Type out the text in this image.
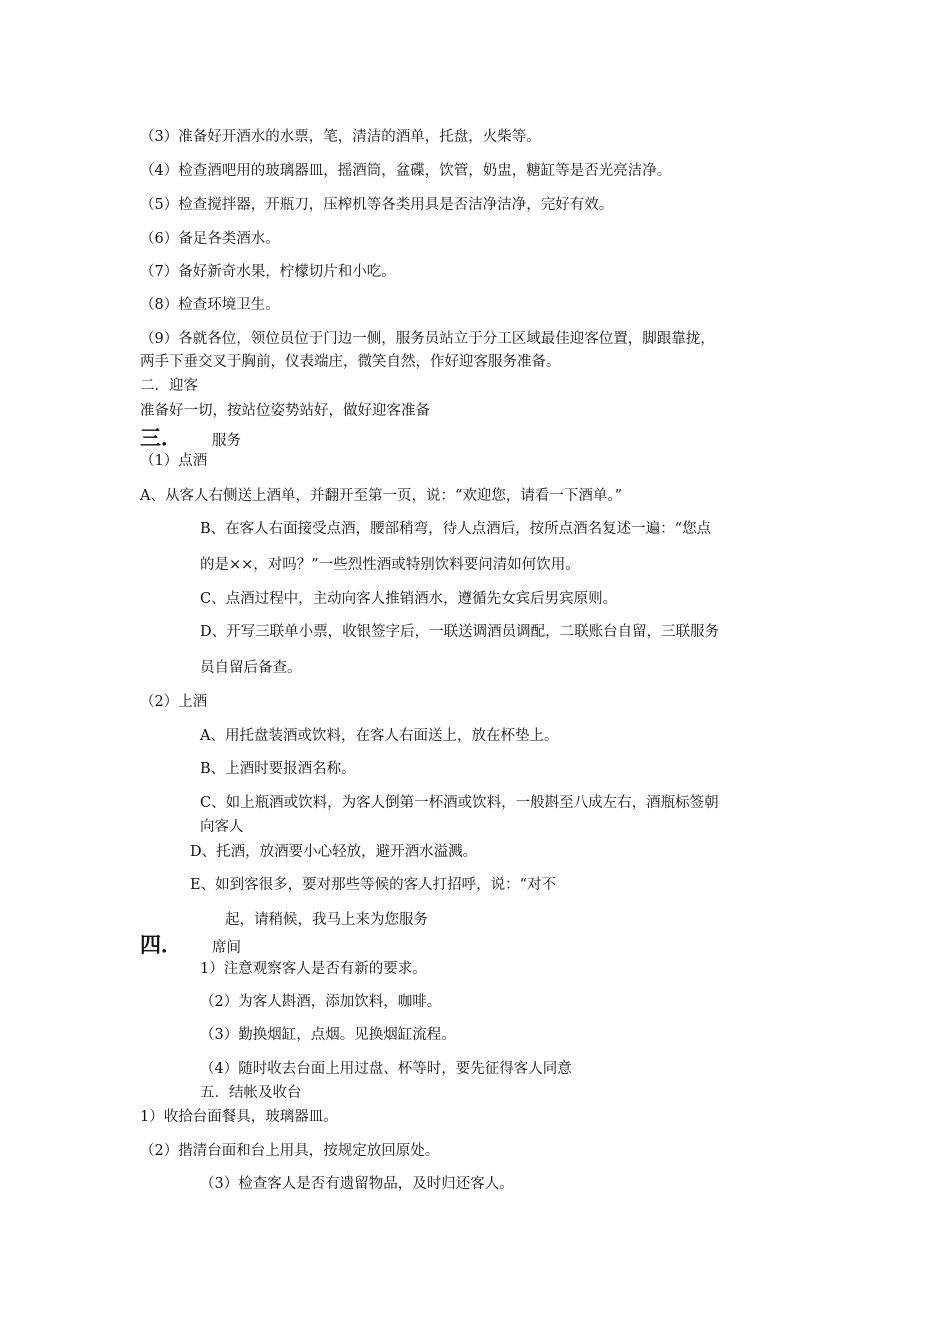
（3）准备好开酒水的水票，笔，清洁的酒单，托盘，火柴等。
（4）检查酒吧用的玻璃器皿，摇酒筒，盆碟，饮管，奶盅，糖缸等是否光亮洁净。
（5）检查搅拌器，开瓶刀，压榨机等各类用具是否洁净洁净，完好有效。
（6）备足各类酒水。
（7）备好新奇水果，柠檬切片和小吃。
（8）检查环境卫生。
（9）各就各位，领位员位于门边一侧，服务员站立于分工区域最佳迎客位置，脚跟靠拢，
两手下垂交叉于胸前，仪表端庄，微笑自然，作好迎客服务准备。
二．迎客
准备好一切，按站位姿势站好，做好迎客准备
三． 服务
（1）点酒
A、从客人右侧送上酒单，并翻开至第一页，说：“欢迎您，请看一下酒单。”
B、在客人右面接受点酒，腰部稍弯，待人点酒后，按所点酒名复述一遍：“您点
的是××，对吗？”一些烈性酒或特别饮料要问清如何饮用。
C、点酒过程中，主动向客人推销酒水，遵循先女宾后男宾原则。
D、开写三联单小票，收银签字后，一联送调酒员调配，二联账台自留，三联服务
员自留后备查。
（2）上酒
A、用托盘装酒或饮料，在客人右面送上，放在杯垫上。
B、上酒时要报酒名称。
C、如上瓶酒或饮料，为客人倒第一杯酒或饮料，一般斟至八成左右，酒瓶标签朝
向客人
D、托酒，放酒要小心轻放，避开酒水溢溅。
E、如到客很多，要对那些等候的客人打招呼，说：“对不
起，请稍候，我马上来为您服务
四． 席间
1）注意观察客人是否有新的要求。
（2）为客人斟酒，添加饮料，咖啡。
（3）勤换烟缸，点烟。见换烟缸流程。
（4）随时收去台面上用过盘、杯等时，要先征得客人同意
五．结帐及收台
1）收拾台面餐具，玻璃器皿。
（2）揩清台面和台上用具，按规定放回原处。
（3）检查客人是否有遗留物品，及时归还客人。
